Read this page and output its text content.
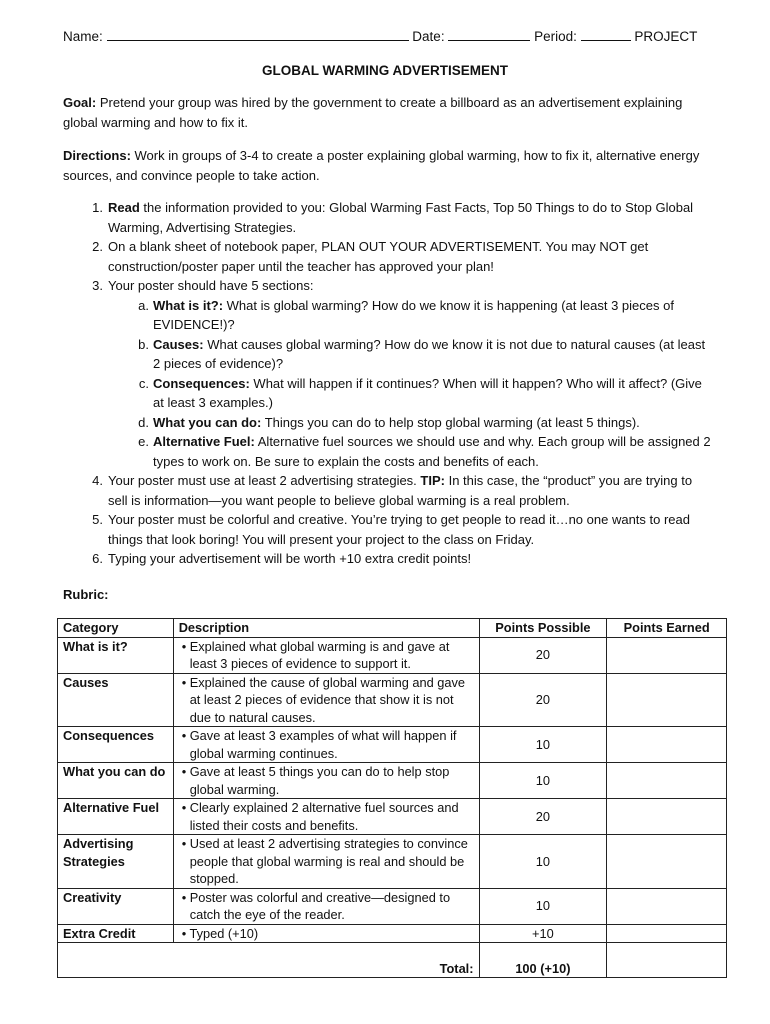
Name:	Date:	Period:	PROJECT
GLOBAL WARMING ADVERTISEMENT
Goal: Pretend your group was hired by the government to create a billboard as an advertisement explaining global warming and how to fix it.
Directions: Work in groups of 3-4 to create a poster explaining global warming, how to fix it, alternative energy sources, and convince people to take action.
1. Read the information provided to you: Global Warming Fast Facts, Top 50 Things to do to Stop Global Warming, Advertising Strategies.
2. On a blank sheet of notebook paper, PLAN OUT YOUR ADVERTISEMENT. You may NOT get construction/poster paper until the teacher has approved your plan!
3. Your poster should have 5 sections:
a. What is it?: What is global warming? How do we know it is happening (at least 3 pieces of EVIDENCE!)?
b. Causes: What causes global warming? How do we know it is not due to natural causes (at least 2 pieces of evidence)?
c. Consequences: What will happen if it continues? When will it happen? Who will it affect? (Give at least 3 examples.)
d. What you can do: Things you can do to help stop global warming (at least 5 things).
e. Alternative Fuel: Alternative fuel sources we should use and why. Each group will be assigned 2 types to work on. Be sure to explain the costs and benefits of each.
4. Your poster must use at least 2 advertising strategies. TIP: In this case, the “product” you are trying to sell is information—you want people to believe global warming is a real problem.
5. Your poster must be colorful and creative. You’re trying to get people to read it…no one wants to read things that look boring! You will present your project to the class on Friday.
6. Typing your advertisement will be worth +10 extra credit points!
Rubric:
Category	Description	Points Possible	Points Earned
What is it?	• Explained what global warming is and gave at least 3 pieces of evidence to support it.	20	
Causes	• Explained the cause of global warming and gave at least 2 pieces of evidence that show it is not due to natural causes.	20	
Consequences	• Gave at least 3 examples of what will happen if global warming continues.	10	
What you can do	• Gave at least 5 things you can do to help stop global warming.	10	
Alternative Fuel	• Clearly explained 2 alternative fuel sources and listed their costs and benefits.	20	
Advertising Strategies	• Used at least 2 advertising strategies to convince people that global warming is real and should be stopped.	10	
Creativity	• Poster was colorful and creative—designed to catch the eye of the reader.	10	
Extra Credit	• Typed (+10)	+10	
Total:		100 (+10)	
